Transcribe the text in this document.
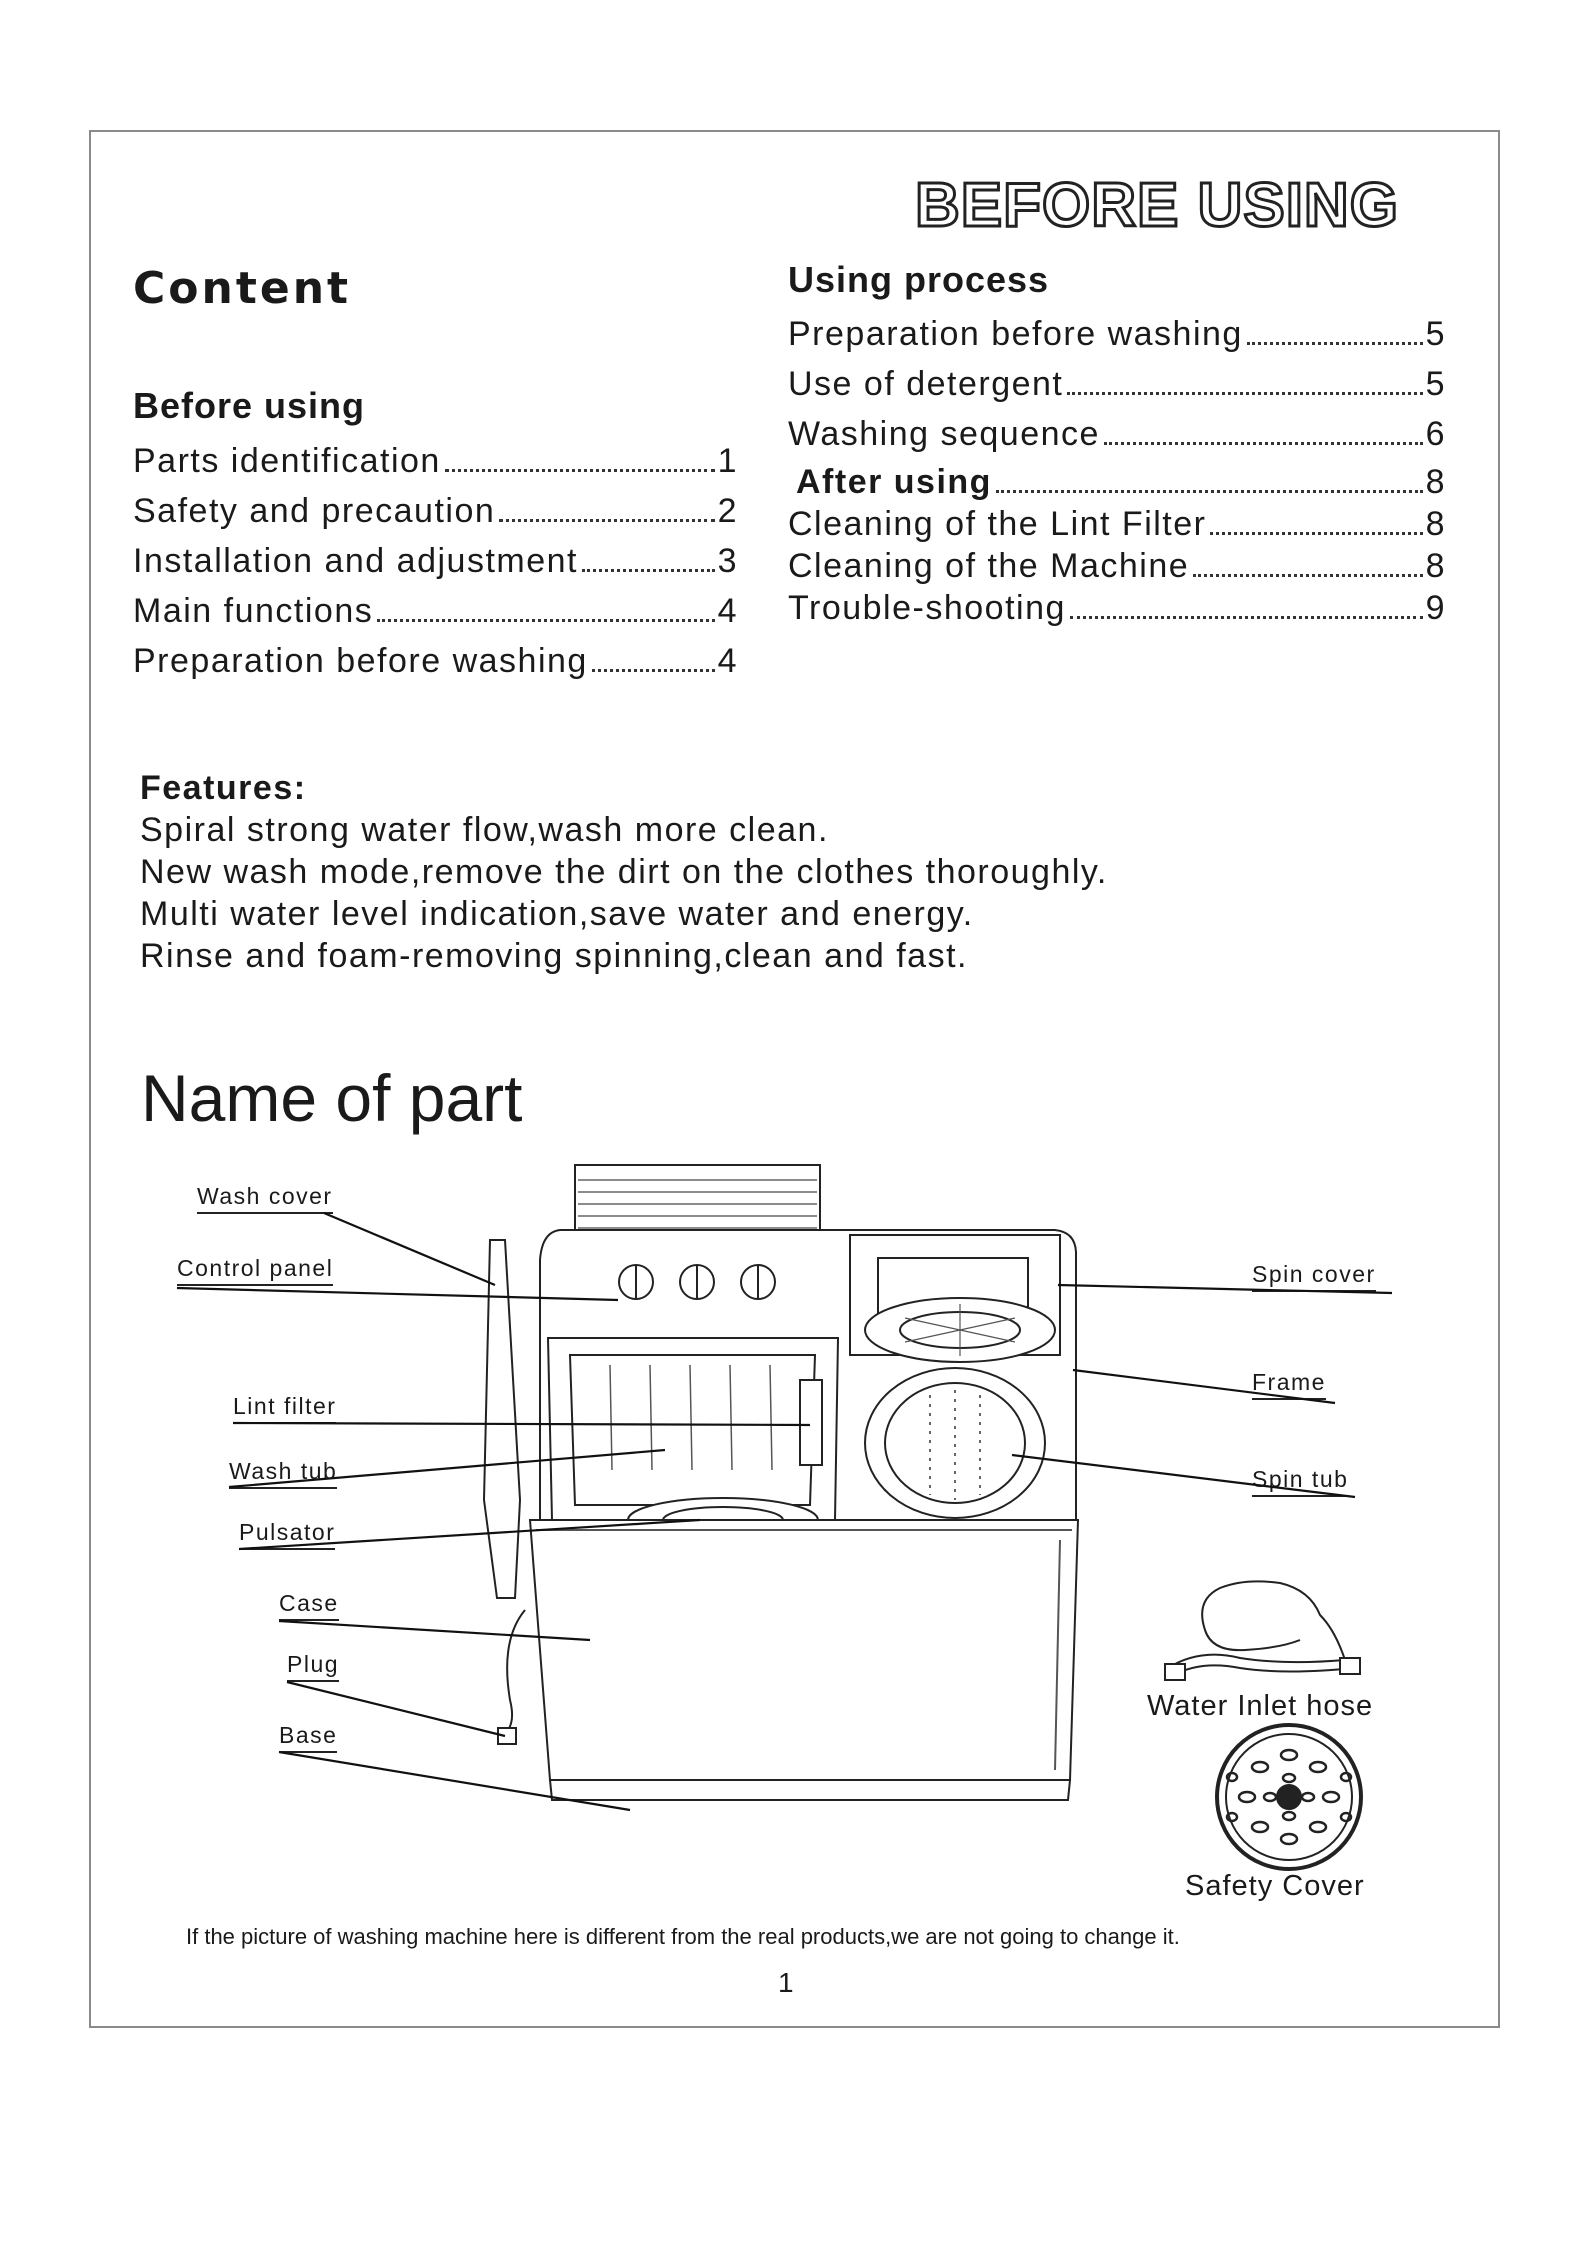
BEFORE USING
Content
Before using
Parts identification	1
Safety and precaution	2
Installation and adjustment	3
Main functions	4
Preparation before washing	4
Using process
Preparation before washing	5
Use of detergent	5
Washing sequence	6
After using	8
Cleaning of the Lint Filter	8
Cleaning of the Machine	8
Trouble-shooting	9
Features:
Spiral strong water flow,wash more clean.
New wash mode,remove the dirt on the clothes thoroughly.
Multi water level indication,save water and energy.
Rinse and foam-removing spinning,clean and fast.
Name of part
Wash cover
Control panel
Lint filter
Wash tub
Pulsator
Case
Plug
Base
Spin cover
Frame
Spin tub
Water Inlet hose
Safety Cover
If the picture of washing machine here is different from the real products,we are not going to change it.
1
